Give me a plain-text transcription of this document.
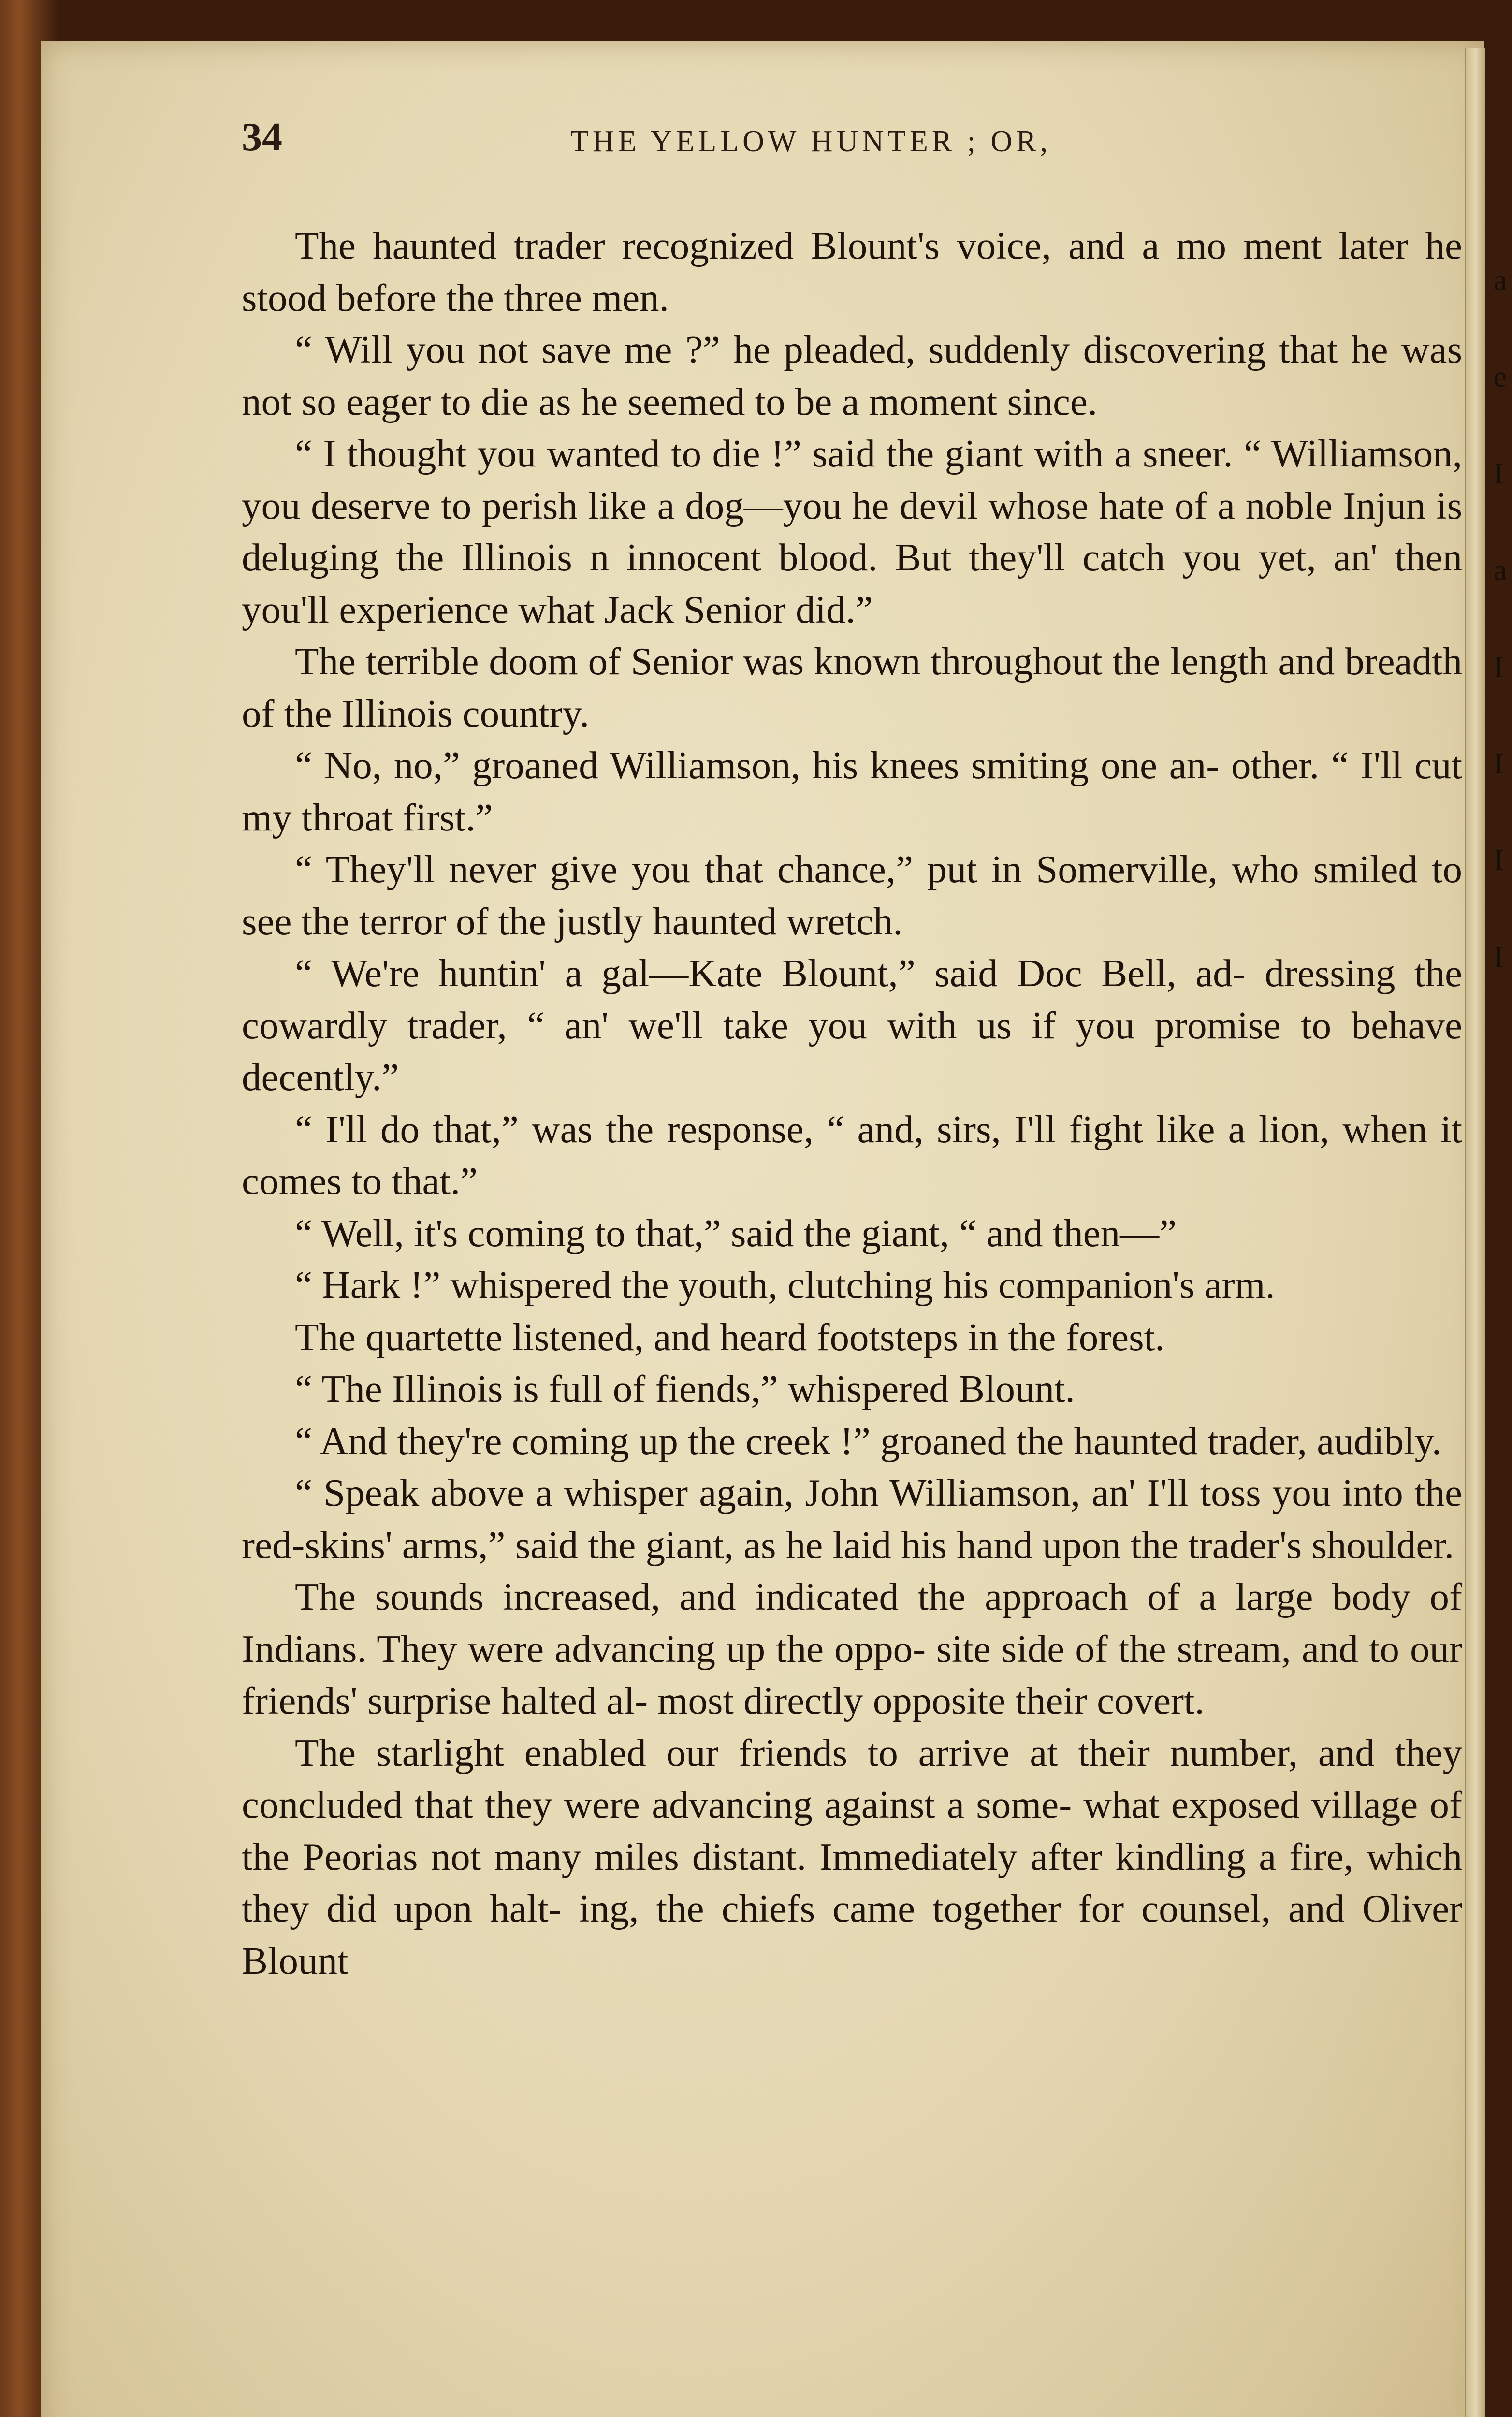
a
e
I
a
I
I
I
I
34	THE YELLOW HUNTER ; OR,

The haunted trader recognized Blount's voice, and a mo ment later he stood before the three men.

“ Will you not save me ?” he pleaded, suddenly discovering that he was not so eager to die as he seemed to be a moment since.

“ I thought you wanted to die !” said the giant with a sneer. “ Williamson, you deserve to perish like a dog—you he devil whose hate of a noble Injun is deluging the Illinois n innocent blood. But they'll catch you yet, an' then you'll experience what Jack Senior did.”

The terrible doom of Senior was known throughout the length and breadth of the Illinois country.

“ No, no,” groaned Williamson, his knees smiting one an- other. “ I'll cut my throat first.”

“ They'll never give you that chance,” put in Somerville, who smiled to see the terror of the justly haunted wretch.

“ We're huntin' a gal—Kate Blount,” said Doc Bell, ad- dressing the cowardly trader, “ an' we'll take you with us if you promise to behave decently.”

“ I'll do that,” was the response, “ and, sirs, I'll fight like a lion, when it comes to that.”

“ Well, it's coming to that,” said the giant, “ and then—”

“ Hark !” whispered the youth, clutching his companion's arm.

The quartette listened, and heard footsteps in the forest.

“ The Illinois is full of fiends,” whispered Blount.

“ And they're coming up the creek !” groaned the haunted trader, audibly.

“ Speak above a whisper again, John Williamson, an' I'll toss you into the red-skins' arms,” said the giant, as he laid his hand upon the trader's shoulder.

The sounds increased, and indicated the approach of a large body of Indians. They were advancing up the oppo- site side of the stream, and to our friends' surprise halted al- most directly opposite their covert.

The starlight enabled our friends to arrive at their number, and they concluded that they were advancing against a some- what exposed village of the Peorias not many miles distant. Immediately after kindling a fire, which they did upon halt- ing, the chiefs came together for counsel, and Oliver Blount
